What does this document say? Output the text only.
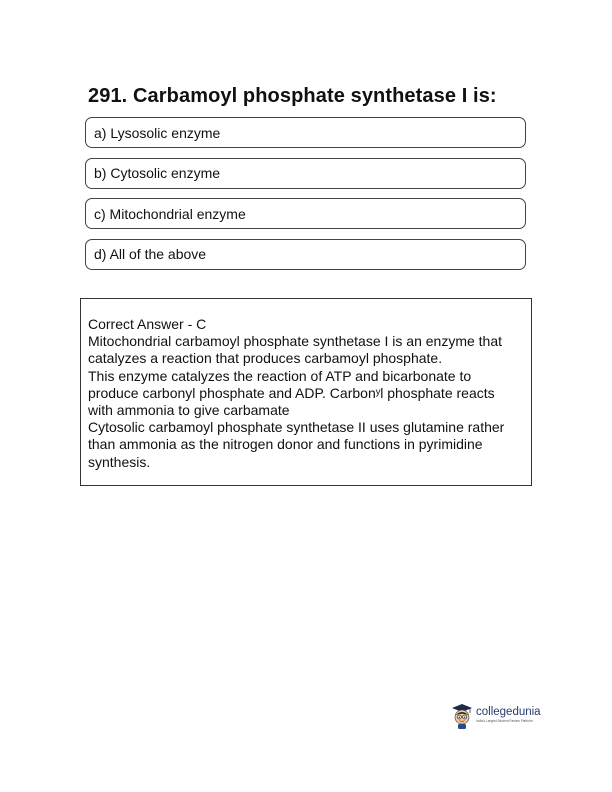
291. Carbamoyl phosphate synthetase I is:
a) Lysosolic enzyme
b) Cytosolic enzyme
c) Mitochondrial enzyme
d) All of the above
Correct Answer - C
Mitochondrial carbamoyl phosphate synthetase I is an enzyme that
catalyzes a reaction that produces carbamoyl phosphate.
This enzyme catalyzes the reaction of ATP and bicarbonate to
produce carbonyl phosphate and ADP. Carbonʸl phosphate reacts
with ammonia to give carbamate
Cytosolic carbamoyl phosphate synthetase II uses glutamine rather
than ammonia as the nitrogen donor and functions in pyrimidine
synthesis.
collegedunia
India's Largest Student Review Platform
